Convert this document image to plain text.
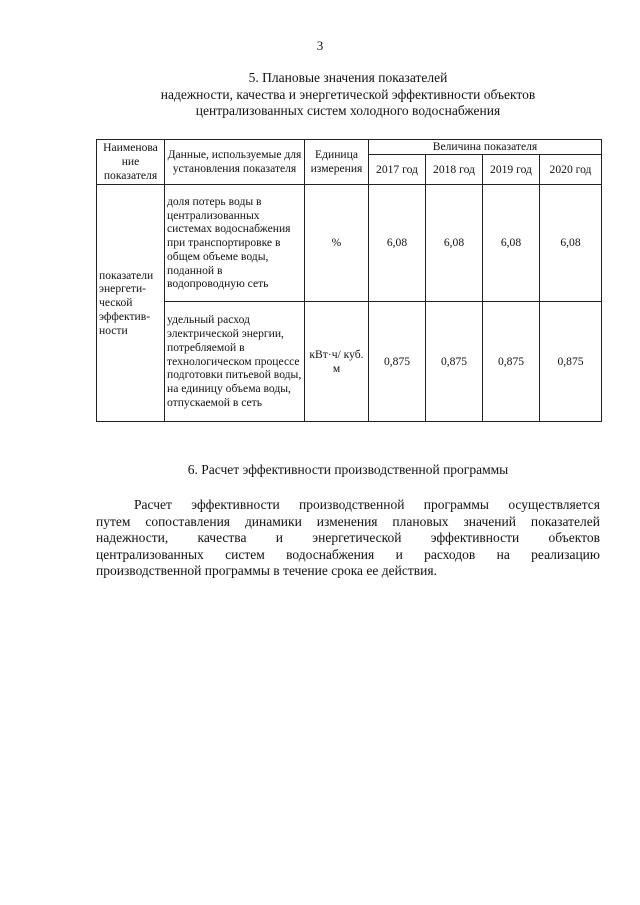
3
5. Плановые значения показателей
надежности, качества и энергетической эффективности объектов
централизованных систем холодного водоснабжения
Наименова ние показателя	Данные, используемые для установления показателя	Единица измерения	Величина показателя			
			2017 год	2018 год	2019 год	2020 год
показатели энергети- ческой эффектив- ности	доля потерь воды в централизованных системах водоснабжения при транспортировке в общем объеме воды, поданной в водопроводную сеть	%	6,08	6,08	6,08	6,08
	удельный расход электрической энергии, потребляемой в технологическом процессе подготовки питьевой воды, на единицу объема воды, отпускаемой в сеть	кВт·ч/ куб. м	0,875	0,875	0,875	0,875
6. Расчет эффективности производственной программы
Расчет эффективности производственной программы осуществляется
путем сопоставления динамики изменения плановых значений показателей
надежности, качества и энергетической эффективности объектов
централизованных систем водоснабжения и расходов на реализацию
производственной программы в течение срока ее действия.
